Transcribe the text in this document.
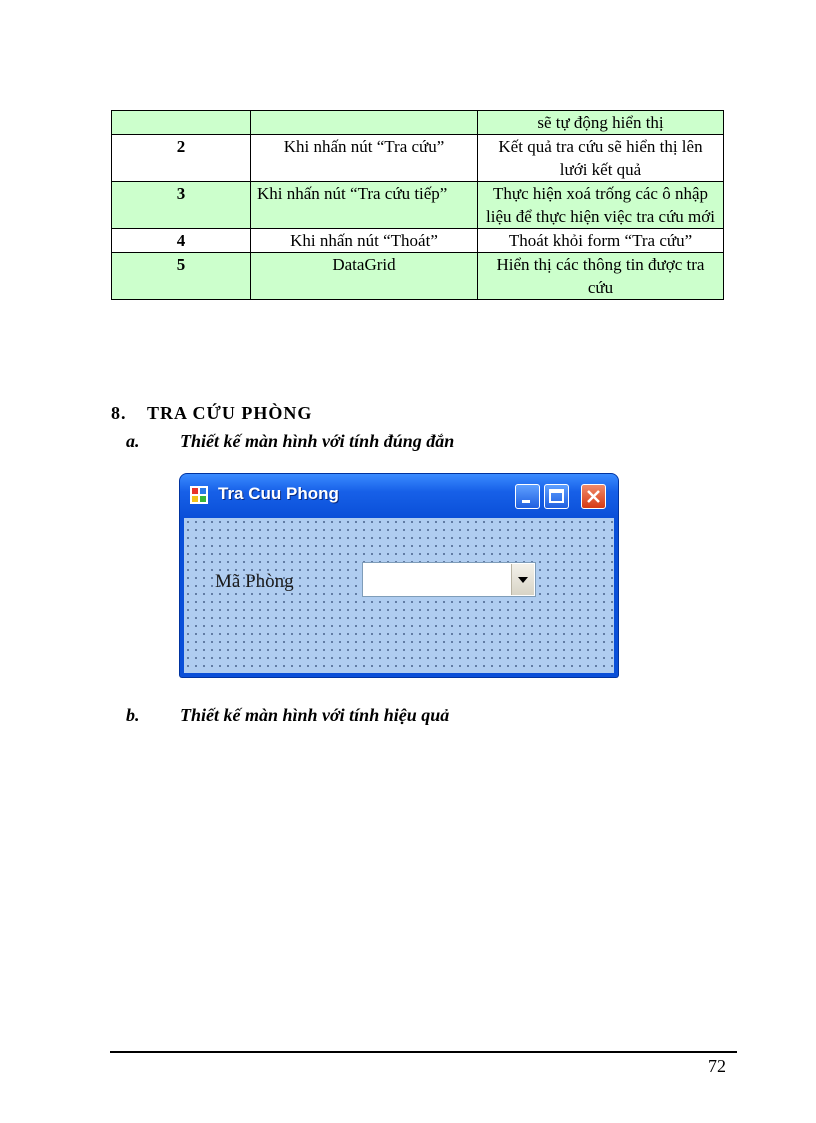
		sẽ tự động hiển thị
2	Khi nhấn nút “Tra cứu”	Kết quả tra cứu sẽ hiển thị lên lưới kết quả
3	Khi nhấn nút “Tra cứu tiếp”	Thực hiện xoá trống các ô nhập liệu để thực hiện việc tra cứu mới
4	Khi nhấn nút “Thoát”	Thoát khỏi form “Tra cứu”
5	DataGrid	Hiển thị các thông tin được tra cứu
8. TRA CỨU PHÒNG
a. Thiết kế màn hình với tính đúng đắn
Tra Cuu Phong
Mã Phòng
b. Thiết kế màn hình với tính hiệu quả
72
